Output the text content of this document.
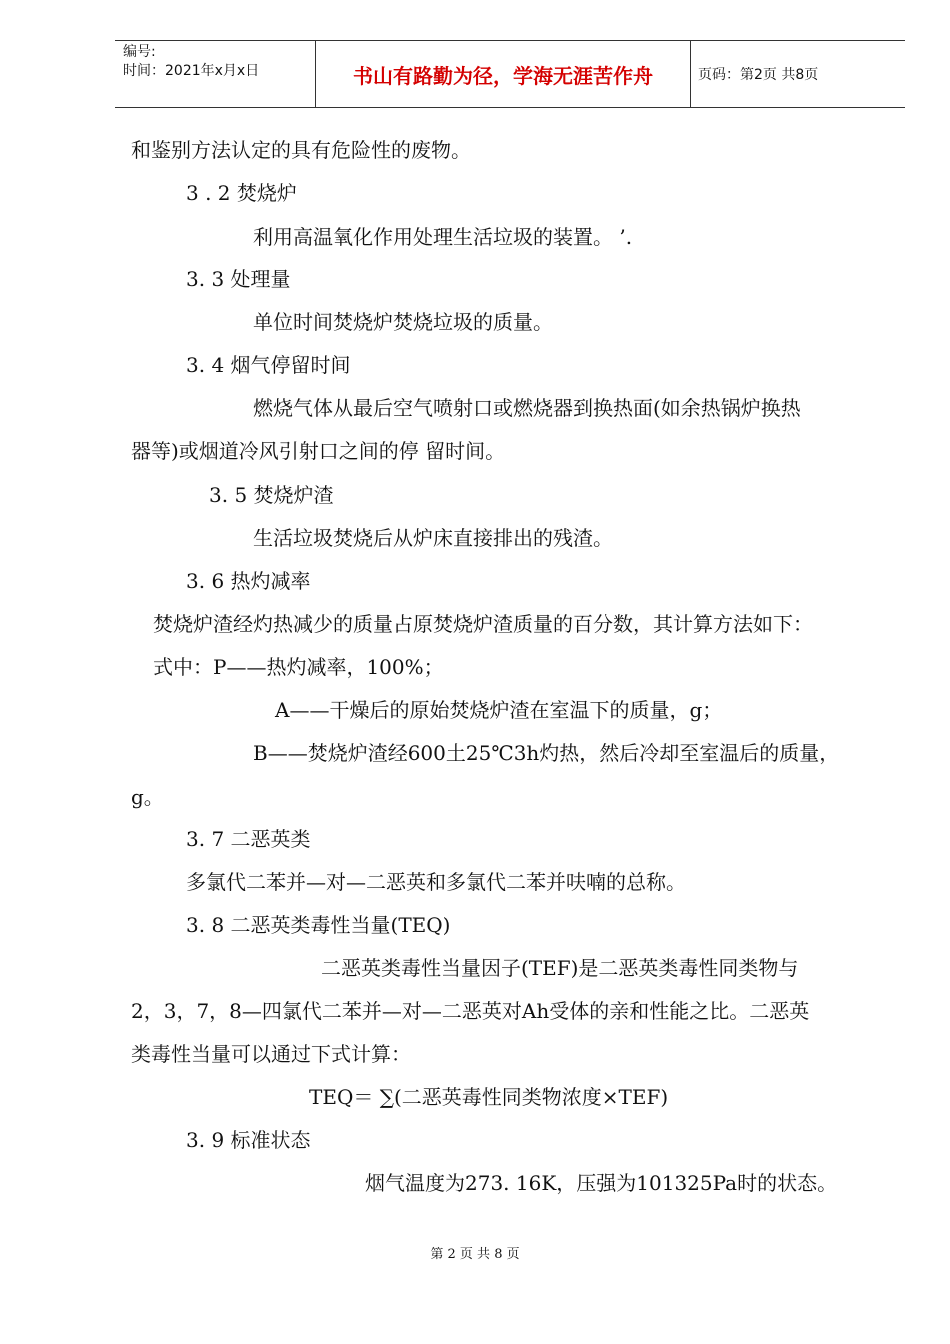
编号:
时间：2021年x月x日	书山有路勤为径，学海无涯苦作舟	页码：第2页 共8页
和鉴别方法认定的具有危险性的废物。
3 . 2 焚烧炉
利用高温氧化作用处理生活垃圾的装置。 ’.
3. 3 处理量
单位时间焚烧炉焚烧垃圾的质量。
3. 4 烟气停留时间
燃烧气体从最后空气喷射口或燃烧器到换热面(如余热锅炉换热
器等)或烟道冷风引射口之间的停 留时间。
3. 5 焚烧炉渣
生活垃圾焚烧后从炉床直接排出的残渣。
3. 6 热灼减率
焚烧炉渣经灼热减少的质量占原焚烧炉渣质量的百分数，其计算方法如下：
式中：P——热灼减率，100%；
A——干燥后的原始焚烧炉渣在室温下的质量，g；
B——焚烧炉渣经600土25℃3h灼热，然后冷却至室温后的质量，
g。
3. 7 二恶英类
多氯代二苯并—对—二恶英和多氯代二苯并呋喃的总称。
3. 8 二恶英类毒性当量(TEQ)
二恶英类毒性当量因子(TEF)是二恶英类毒性同类物与
2，3，7，8—四氯代二苯并—对—二恶英对Ah受体的亲和性能之比。二恶英
类毒性当量可以通过下式计算：
TEQ＝ ∑(二恶英毒性同类物浓度×TEF)
3. 9 标准状态
烟气温度为273. 16K，压强为101325Pa时的状态。
第 2 页 共 8 页
